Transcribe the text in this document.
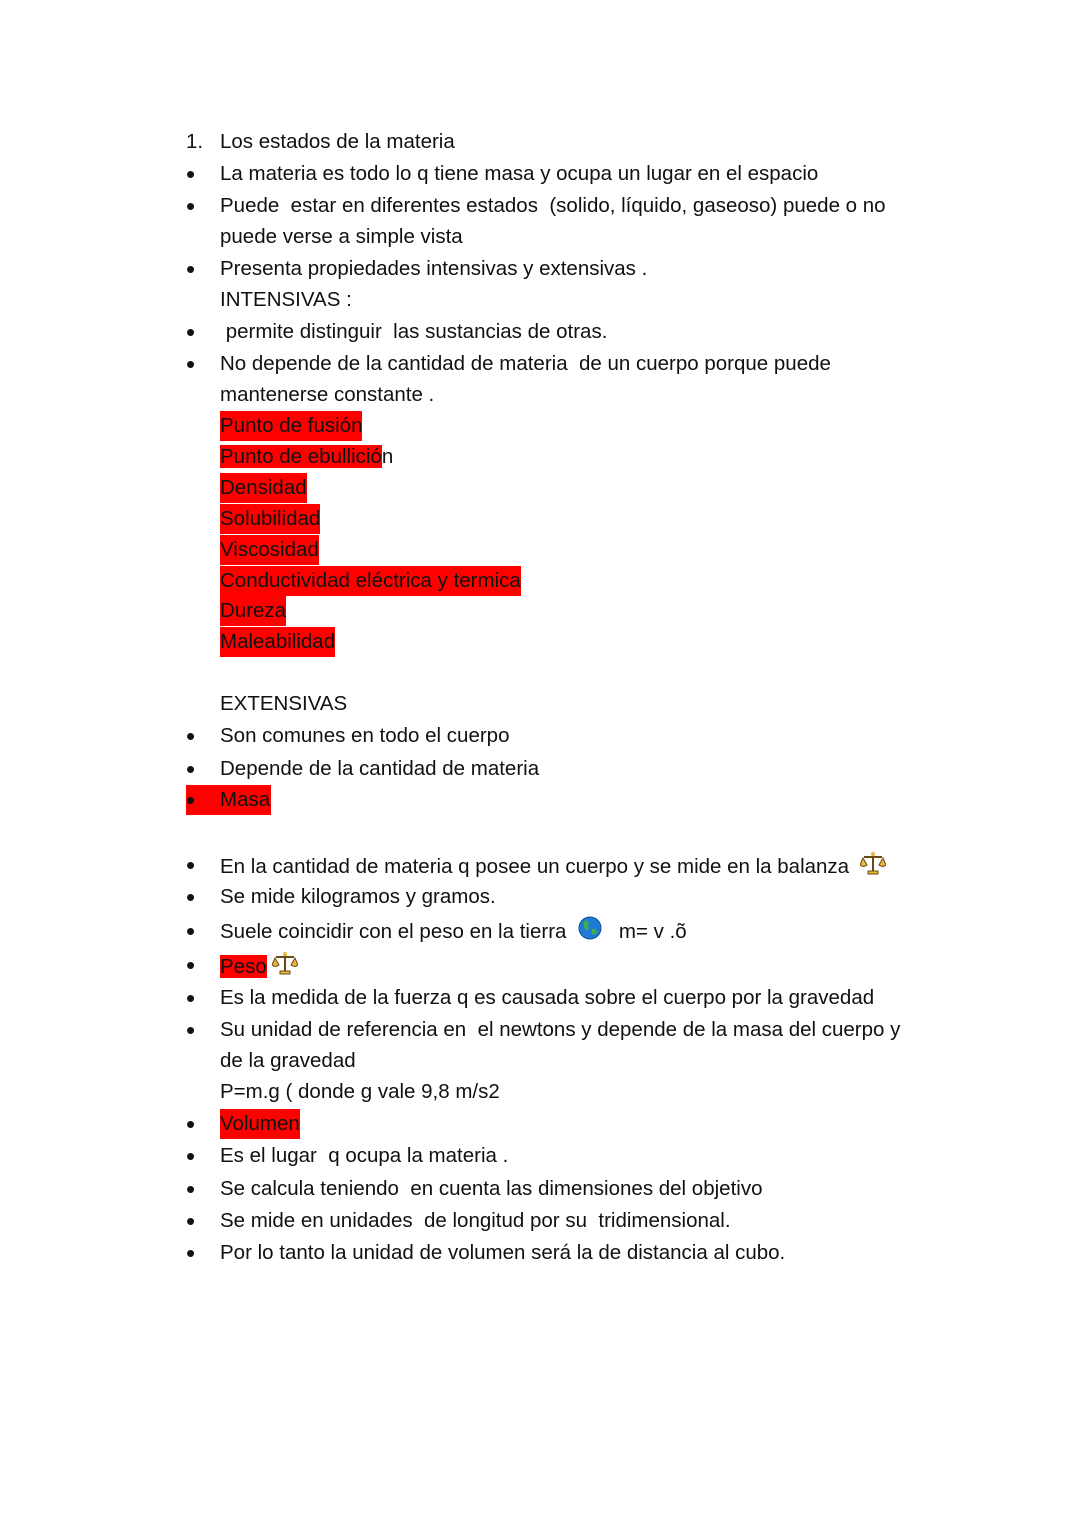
1. Los estados de la materia
•
La materia es todo lo q tiene masa y ocupa un lugar en el espacio
•
Puede  estar en diferentes estados  (solido, líquido, gaseoso) puede o no
puede verse a simple vista
•
Presenta propiedades intensivas y extensivas .
INTENSIVAS :
•
permite distinguir  las sustancias de otras.
•
No depende de la cantidad de materia  de un cuerpo porque puede
mantenerse constante .
Punto de fusión
Punto de ebullición
Densidad
Solubilidad
Viscosidad
Conductividad eléctrica y termica
Dureza
Maleabilidad
EXTENSIVAS
•
Son comunes en todo el cuerpo
•
Depende de la cantidad de materia
•
Masa
•
En la cantidad de materia q posee un cuerpo y se mide en la balanza
•
Se mide kilogramos y gramos.
•
Suele coincidir con el peso en la tierra	m= v .õ
•
Peso
•
Es la medida de la fuerza q es causada sobre el cuerpo por la gravedad
•
Su unidad de referencia en  el newtons y depende de la masa del cuerpo y
de la gravedad
P=m.g ( donde g vale 9,8 m/s2
•
Volumen
•
Es el lugar  q ocupa la materia .
•
Se calcula teniendo  en cuenta las dimensiones del objetivo
•
Se mide en unidades  de longitud por su  tridimensional.
•
Por lo tanto la unidad de volumen será la de distancia al cubo.
